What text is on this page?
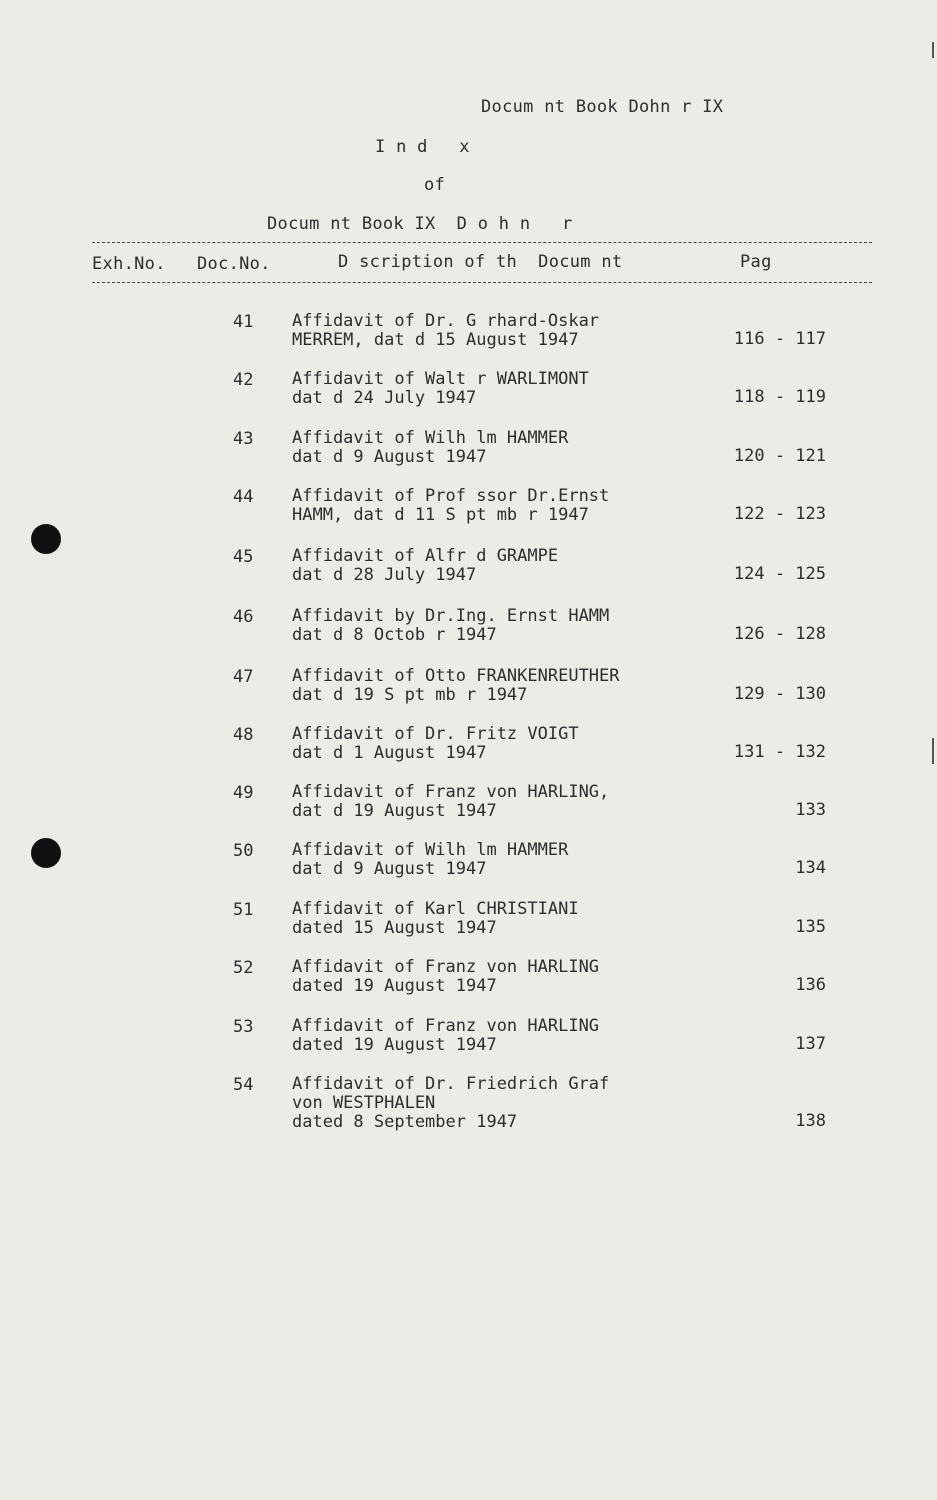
Docum nt Book Dohn r IX
I n d   x
of
Docum nt Book IX  D o h n   r
Exh.No. Doc.No.	D scription of th  Docum nt	Pag
41 Affidavit of Dr. G rhard-Oskar
MERREM, dat d 15 August 1947	116 - 117
42 Affidavit of Walt r WARLIMONT
dat d 24 July 1947	118 - 119
43 Affidavit of Wilh lm HAMMER
dat d 9 August 1947	120 - 121
44 Affidavit of Prof ssor Dr.Ernst
HAMM, dat d 11 S pt mb r 1947	122 - 123
45 Affidavit of Alfr d GRAMPE
dat d 28 July 1947	124 - 125
46 Affidavit by Dr.Ing. Ernst HAMM
dat d 8 Octob r 1947	126 - 128
47 Affidavit of Otto FRANKENREUTHER
dat d 19 S pt mb r 1947	129 - 130
48 Affidavit of Dr. Fritz VOIGT
dat d 1 August 1947	131 - 132
49 Affidavit of Franz von HARLING,
dat d 19 August 1947	133
50 Affidavit of Wilh lm HAMMER
dat d 9 August 1947	134
51 Affidavit of Karl CHRISTIANI
dated 15 August 1947	135
52 Affidavit of Franz von HARLING
dated 19 August 1947	136
53 Affidavit of Franz von HARLING
dated 19 August 1947	137
54 Affidavit of Dr. Friedrich Graf
von WESTPHALEN
dated 8 September 1947	138
